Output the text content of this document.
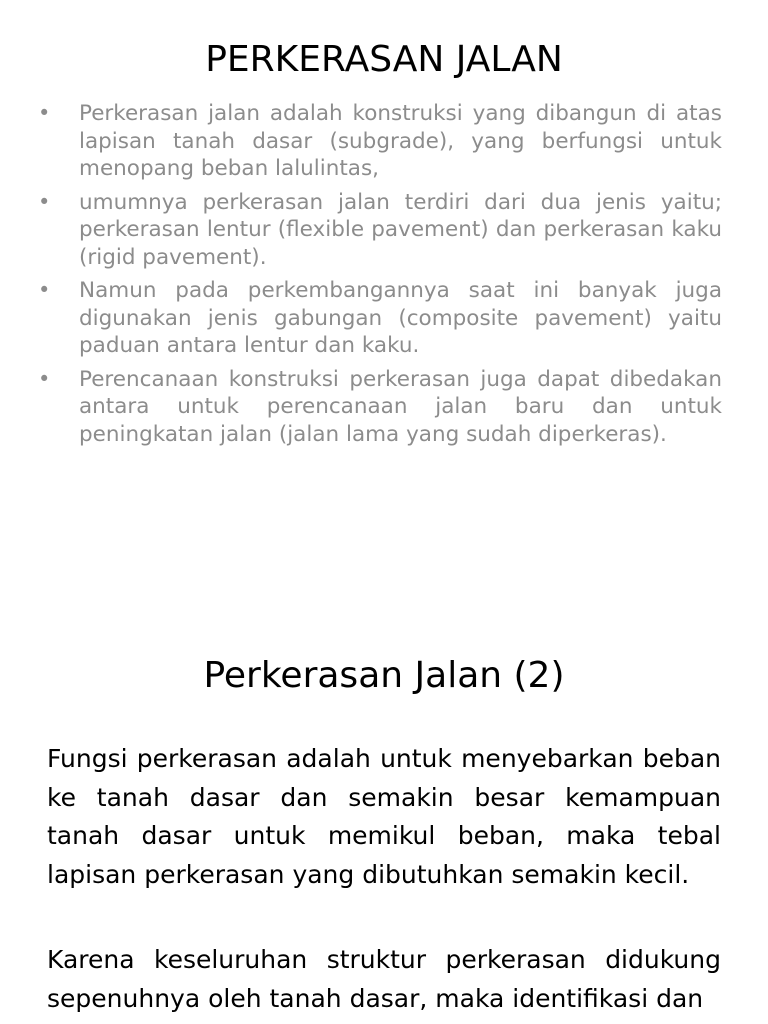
PERKERASAN JALAN
• Perkerasan jalan adalah konstruksi yang dibangun di atas lapisan tanah dasar (subgrade), yang berfungsi untuk menopang beban lalulintas,
• umumnya perkerasan jalan terdiri dari dua jenis yaitu; perkerasan lentur (flexible pavement) dan perkerasan kaku (rigid pavement).
• Namun pada perkembangannya saat ini banyak juga digunakan jenis gabungan (composite pavement) yaitu paduan antara lentur dan kaku.
• Perencanaan konstruksi perkerasan juga dapat dibedakan antara untuk perencanaan jalan baru dan untuk peningkatan jalan (jalan lama yang sudah diperkeras).
Perkerasan Jalan (2)

Fungsi perkerasan adalah untuk menyebarkan beban ke tanah dasar dan semakin besar kemampuan tanah dasar untuk memikul beban, maka tebal lapisan perkerasan yang dibutuhkan semakin kecil.

Karena keseluruhan struktur perkerasan didukung sepenuhnya oleh tanah dasar, maka identifikasi dan
